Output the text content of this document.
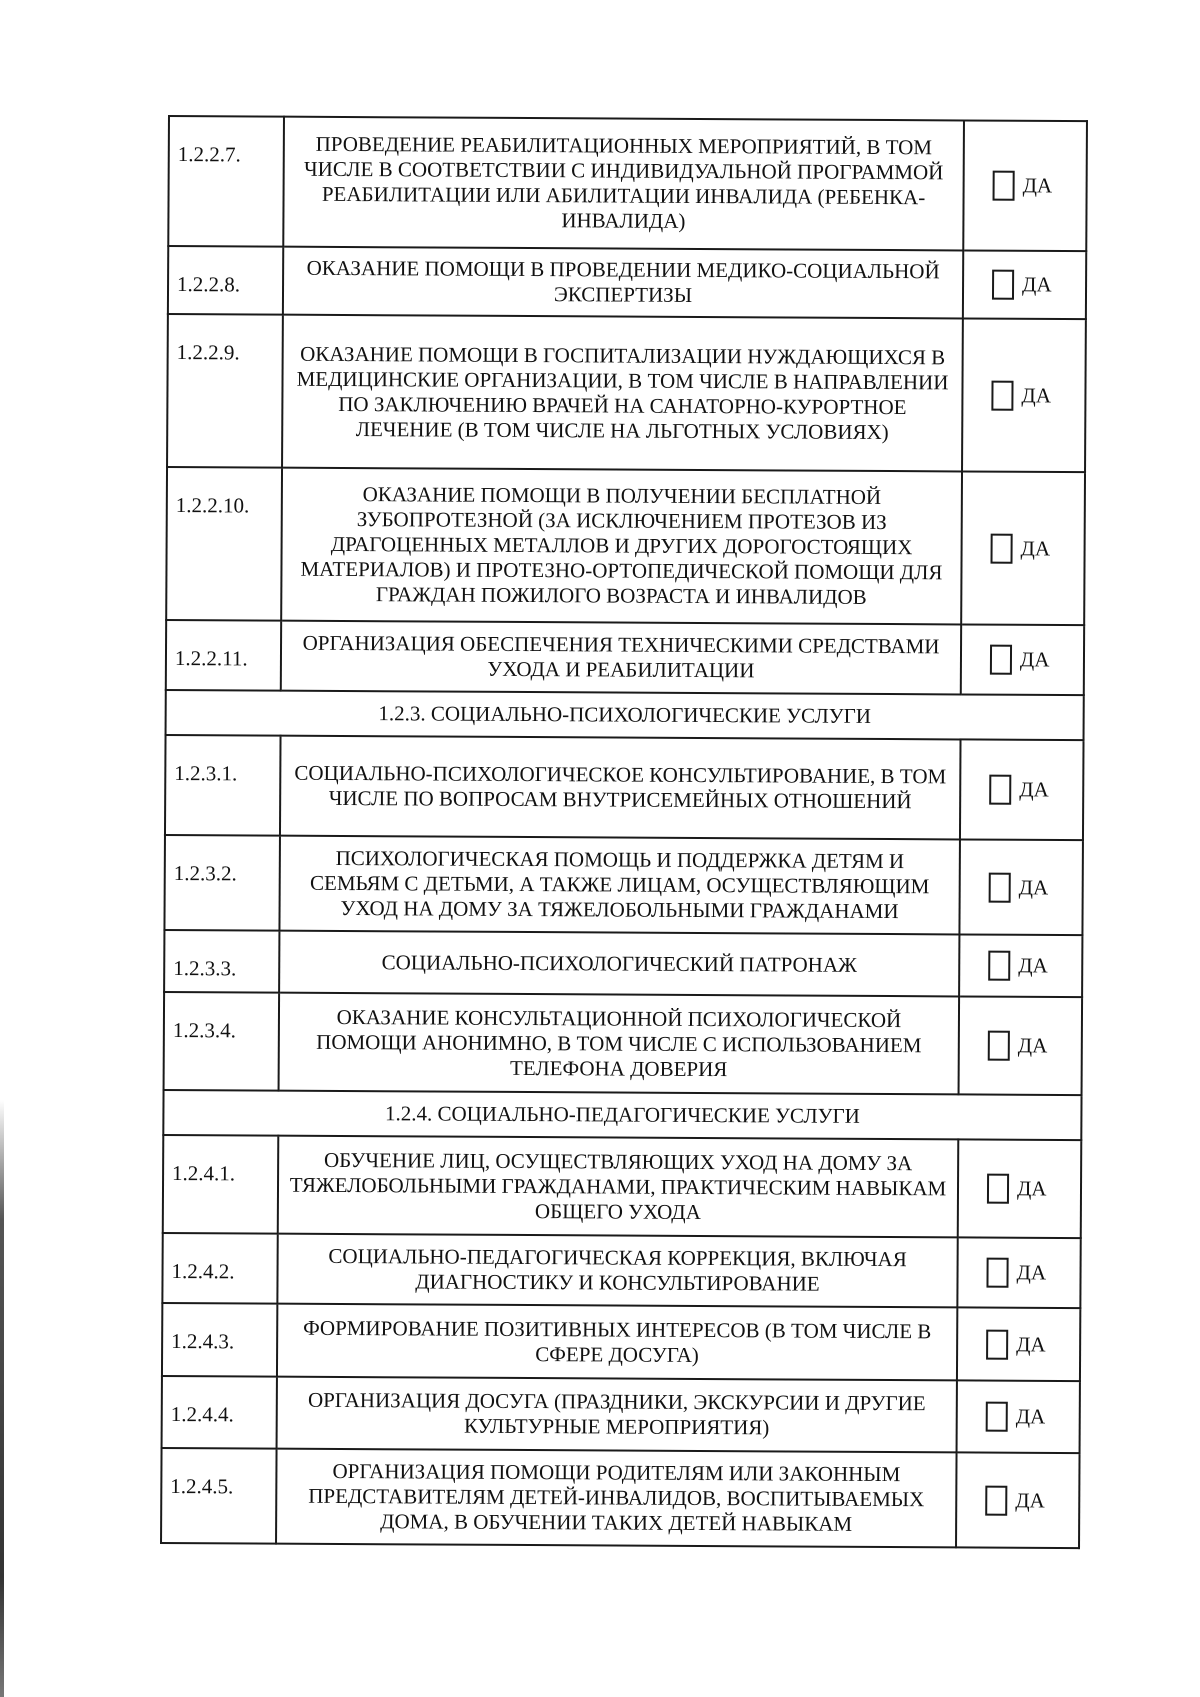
1.2.2.7.	ПРОВЕДЕНИЕ РЕАБИЛИТАЦИОННЫХ МЕРОПРИЯТИЙ, В ТОМ ЧИСЛЕ В СООТВЕТСТВИИ С ИНДИВИДУАЛЬНОЙ ПРОГРАММОЙ РЕАБИЛИТАЦИИ ИЛИ АБИЛИТАЦИИ ИНВАЛИДА (РЕБЕНКА-ИНВАЛИДА)	ДА
1.2.2.8.	ОКАЗАНИЕ ПОМОЩИ В ПРОВЕДЕНИИ МЕДИКО-СОЦИАЛЬНОЙ ЭКСПЕРТИЗЫ	ДА
1.2.2.9.	ОКАЗАНИЕ ПОМОЩИ В ГОСПИТАЛИЗАЦИИ НУЖДАЮЩИХСЯ В МЕДИЦИНСКИЕ ОРГАНИЗАЦИИ, В ТОМ ЧИСЛЕ В НАПРАВЛЕНИИ ПО ЗАКЛЮЧЕНИЮ ВРАЧЕЙ НА САНАТОРНО-КУРОРТНОЕ ЛЕЧЕНИЕ (В ТОМ ЧИСЛЕ НА ЛЬГОТНЫХ УСЛОВИЯХ)	ДА
1.2.2.10.	ОКАЗАНИЕ ПОМОЩИ В ПОЛУЧЕНИИ БЕСПЛАТНОЙ ЗУБОПРОТЕЗНОЙ (ЗА ИСКЛЮЧЕНИЕМ ПРОТЕЗОВ ИЗ ДРАГОЦЕННЫХ МЕТАЛЛОВ И ДРУГИХ ДОРОГОСТОЯЩИХ МАТЕРИАЛОВ) И ПРОТЕЗНО-ОРТОПЕДИЧЕСКОЙ ПОМОЩИ ДЛЯ ГРАЖДАН ПОЖИЛОГО ВОЗРАСТА И ИНВАЛИДОВ	ДА
1.2.2.11.	ОРГАНИЗАЦИЯ ОБЕСПЕЧЕНИЯ ТЕХНИЧЕСКИМИ СРЕДСТВАМИ УХОДА И РЕАБИЛИТАЦИИ	ДА
1.2.3. СОЦИАЛЬНО-ПСИХОЛОГИЧЕСКИЕ УСЛУГИ		
1.2.3.1.	СОЦИАЛЬНО-ПСИХОЛОГИЧЕСКОЕ КОНСУЛЬТИРОВАНИЕ, В ТОМ ЧИСЛЕ ПО ВОПРОСАМ ВНУТРИСЕМЕЙНЫХ ОТНОШЕНИЙ	ДА
1.2.3.2.	ПСИХОЛОГИЧЕСКАЯ ПОМОЩЬ И ПОДДЕРЖКА ДЕТЯМ И СЕМЬЯМ С ДЕТЬМИ, А ТАКЖЕ ЛИЦАМ, ОСУЩЕСТВЛЯЮЩИМ УХОД НА ДОМУ ЗА ТЯЖЕЛОБОЛЬНЫМИ ГРАЖДАНАМИ	ДА
1.2.3.3.	СОЦИАЛЬНО-ПСИХОЛОГИЧЕСКИЙ ПАТРОНАЖ	ДА
1.2.3.4.	ОКАЗАНИЕ КОНСУЛЬТАЦИОННОЙ ПСИХОЛОГИЧЕСКОЙ ПОМОЩИ АНОНИМНО, В ТОМ ЧИСЛЕ С ИСПОЛЬЗОВАНИЕМ ТЕЛЕФОНА ДОВЕРИЯ	ДА
1.2.4. СОЦИАЛЬНО-ПЕДАГОГИЧЕСКИЕ УСЛУГИ		
1.2.4.1.	ОБУЧЕНИЕ ЛИЦ, ОСУЩЕСТВЛЯЮЩИХ УХОД НА ДОМУ ЗА ТЯЖЕЛОБОЛЬНЫМИ ГРАЖДАНАМИ, ПРАКТИЧЕСКИМ НАВЫКАМ ОБЩЕГО УХОДА	ДА
1.2.4.2.	СОЦИАЛЬНО-ПЕДАГОГИЧЕСКАЯ КОРРЕКЦИЯ, ВКЛЮЧАЯ ДИАГНОСТИКУ И КОНСУЛЬТИРОВАНИЕ	ДА
1.2.4.3.	ФОРМИРОВАНИЕ ПОЗИТИВНЫХ ИНТЕРЕСОВ (В ТОМ ЧИСЛЕ В СФЕРЕ ДОСУГА)	ДА
1.2.4.4.	ОРГАНИЗАЦИЯ ДОСУГА (ПРАЗДНИКИ, ЭКСКУРСИИ И ДРУГИЕ КУЛЬТУРНЫЕ МЕРОПРИЯТИЯ)	ДА
1.2.4.5.	ОРГАНИЗАЦИЯ ПОМОЩИ РОДИТЕЛЯМ ИЛИ ЗАКОННЫМ ПРЕДСТАВИТЕЛЯМ ДЕТЕЙ-ИНВАЛИДОВ, ВОСПИТЫВАЕМЫХ ДОМА, В ОБУЧЕНИИ ТАКИХ ДЕТЕЙ НАВЫКАМ	ДА
